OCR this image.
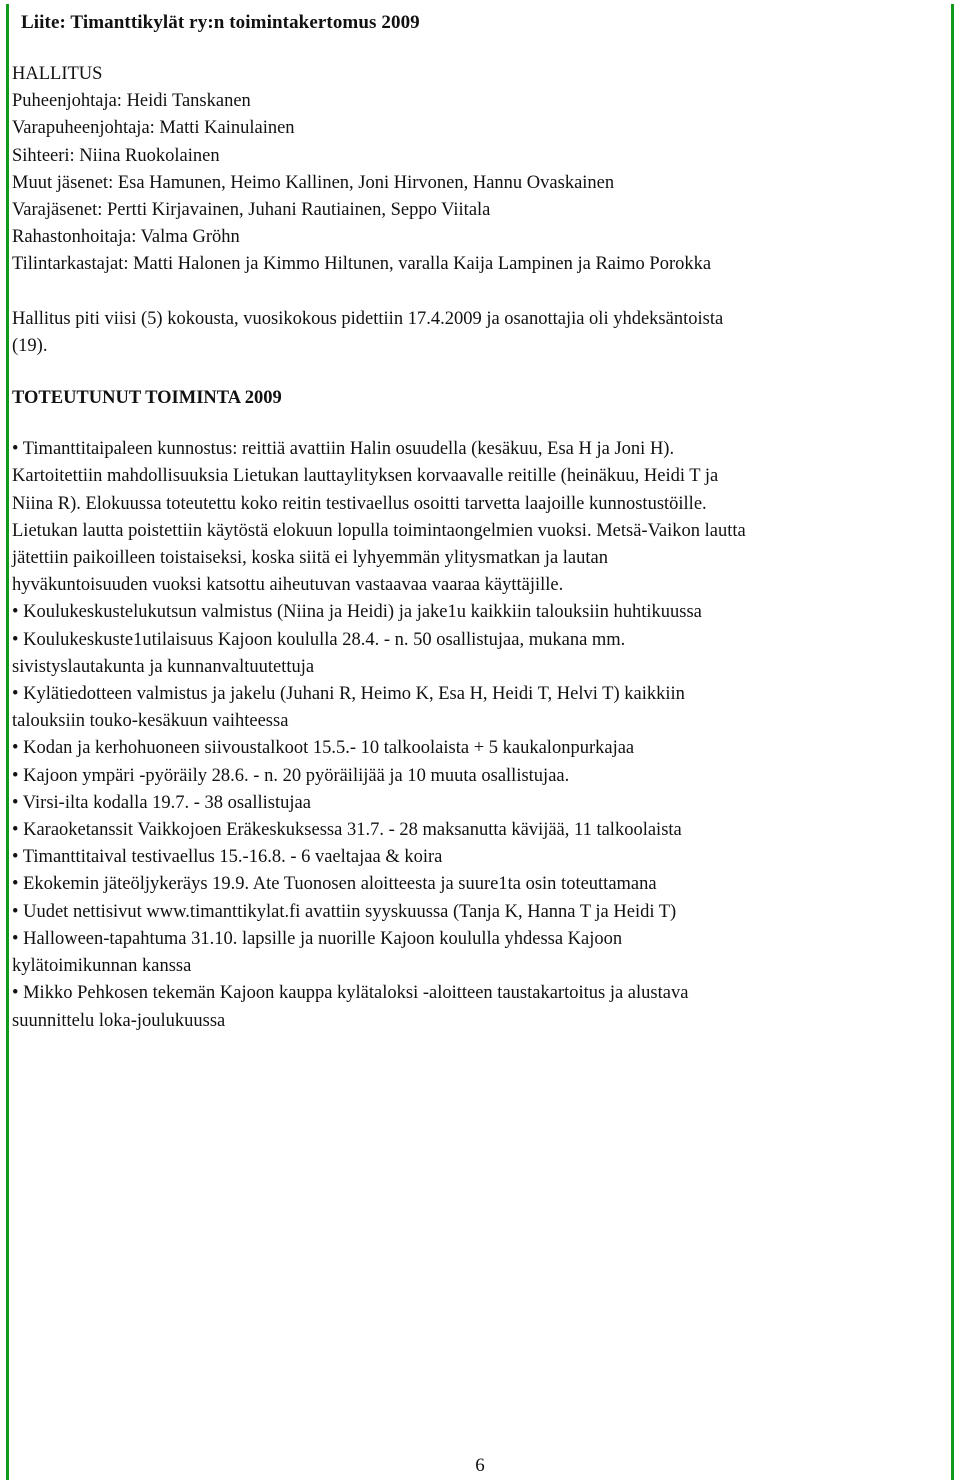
Liite: Timanttikylät ry:n toimintakertomus 2009
HALLITUS
Puheenjohtaja: Heidi Tanskanen
Varapuheenjohtaja: Matti Kainulainen
Sihteeri: Niina Ruokolainen
Muut jäsenet: Esa Hamunen, Heimo Kallinen, Joni Hirvonen, Hannu Ovaskainen
Varajäsenet: Pertti Kirjavainen, Juhani Rautiainen, Seppo Viitala
Rahastonhoitaja: Valma Gröhn
Tilintarkastajat: Matti Halonen ja Kimmo Hiltunen, varalla Kaija Lampinen ja Raimo Porokka
Hallitus piti viisi (5) kokousta, vuosikokous pidettiin 17.4.2009 ja osanottajia oli yhdeksäntoista
(19).
TOTEUTUNUT TOIMINTA 2009
• Timanttitaipaleen kunnostus: reittiä avattiin Halin osuudella (kesäkuu, Esa H ja Joni H).
Kartoitettiin mahdollisuuksia Lietukan lauttaylityksen korvaavalle reitille (heinäkuu, Heidi T ja
Niina R). Elokuussa toteutettu koko reitin testivaellus osoitti tarvetta laajoille kunnostustöille.
Lietukan lautta poistettiin käytöstä elokuun lopulla toimintaongelmien vuoksi. Metsä-Vaikon lautta
jätettiin paikoilleen toistaiseksi, koska siitä ei lyhyemmän ylitysmatkan ja lautan
hyväkuntoisuuden vuoksi katsottu aiheutuvan vastaavaa vaaraa käyttäjille.
• Koulukeskustelukutsun valmistus (Niina ja Heidi) ja jake1u kaikkiin talouksiin huhtikuussa
• Koulukeskuste1utilaisuus Kajoon koululla 28.4. - n. 50 osallistujaa, mukana mm.
sivistyslautakunta ja kunnanvaltuutettuja
• Kylätiedotteen valmistus ja jakelu (Juhani R, Heimo K, Esa H, Heidi T, Helvi T) kaikkiin
talouksiin touko-kesäkuun vaihteessa
• Kodan ja kerhohuoneen siivoustalkoot 15.5.- 10 talkoolaista + 5 kaukalonpurkajaa
• Kajoon ympäri -pyöräily 28.6. - n. 20 pyöräilijää ja 10 muuta osallistujaa.
• Virsi-ilta kodalla 19.7. - 38 osallistujaa
• Karaoketanssit Vaikkojoen Eräkeskuksessa 31.7. - 28 maksanutta kävijää, 11 talkoolaista
• Timanttitaival testivaellus 15.-16.8. - 6 vaeltajaa & koira
• Ekokemin jäteöljykeräys 19.9. Ate Tuonosen aloitteesta ja suure1ta osin toteuttamana
• Uudet nettisivut www.timanttikylat.fi avattiin syyskuussa (Tanja K, Hanna T ja Heidi T)
• Halloween-tapahtuma 31.10. lapsille ja nuorille Kajoon koululla yhdessa Kajoon
kylätoimikunnan kanssa
• Mikko Pehkosen tekemän Kajoon kauppa kylätaloksi -aloitteen taustakartoitus ja alustava
suunnittelu loka-joulukuussa
6
